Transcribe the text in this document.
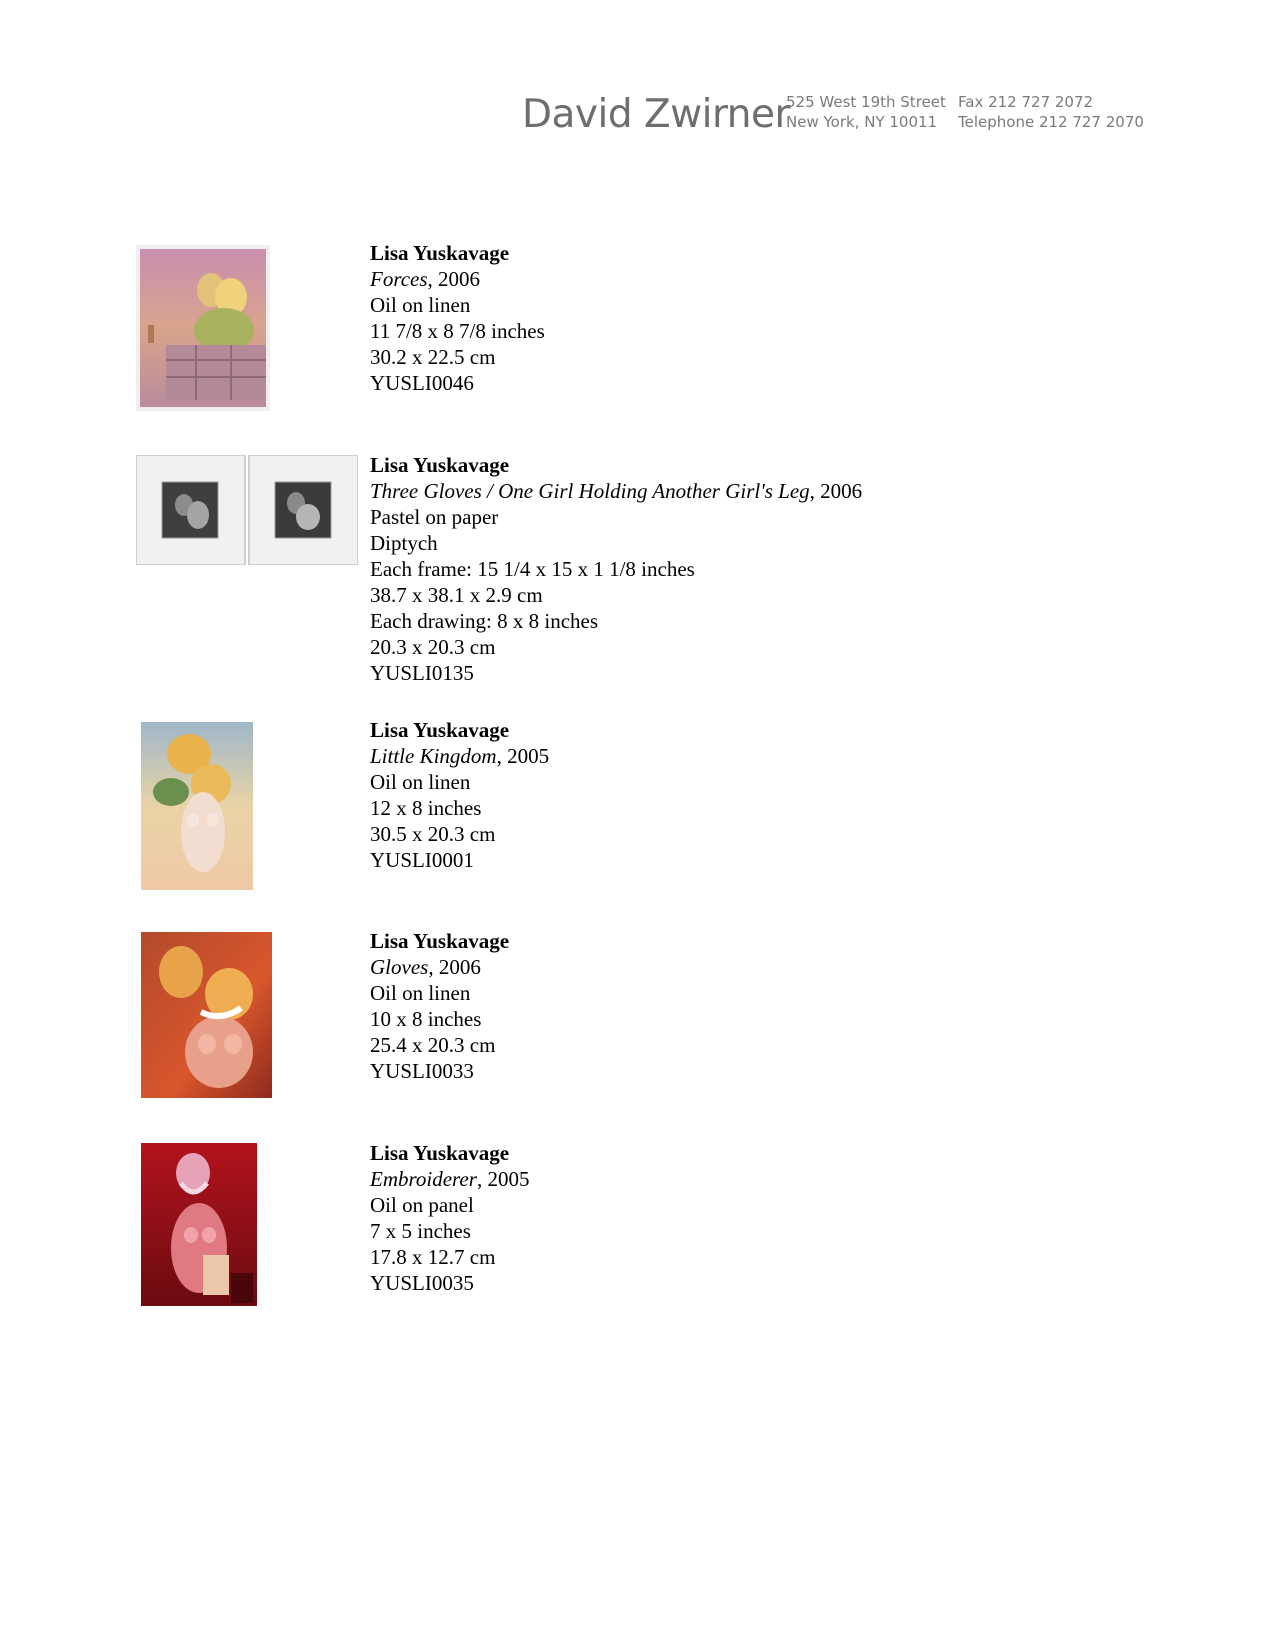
David Zwirner
525 West 19th Street
New York, NY 10011
Fax 212 727 2072
Telephone 212 727 2070
Lisa Yuskavage
Forces, 2006
Oil on linen
11 7/8 x 8 7/8 inches
30.2 x 22.5 cm
YUSLI0046
Lisa Yuskavage
Three Gloves / One Girl Holding Another Girl's Leg, 2006
Pastel on paper
Diptych
Each frame: 15 1/4 x 15 x 1 1/8 inches
38.7 x 38.1 x 2.9 cm
Each drawing: 8 x 8 inches
20.3 x 20.3 cm
YUSLI0135
Lisa Yuskavage
Little Kingdom, 2005
Oil on linen
12 x 8 inches
30.5 x 20.3 cm
YUSLI0001
Lisa Yuskavage
Gloves, 2006
Oil on linen
10 x 8 inches
25.4 x 20.3 cm
YUSLI0033
Lisa Yuskavage
Embroiderer, 2005
Oil on panel
7 x 5 inches
17.8 x 12.7 cm
YUSLI0035
